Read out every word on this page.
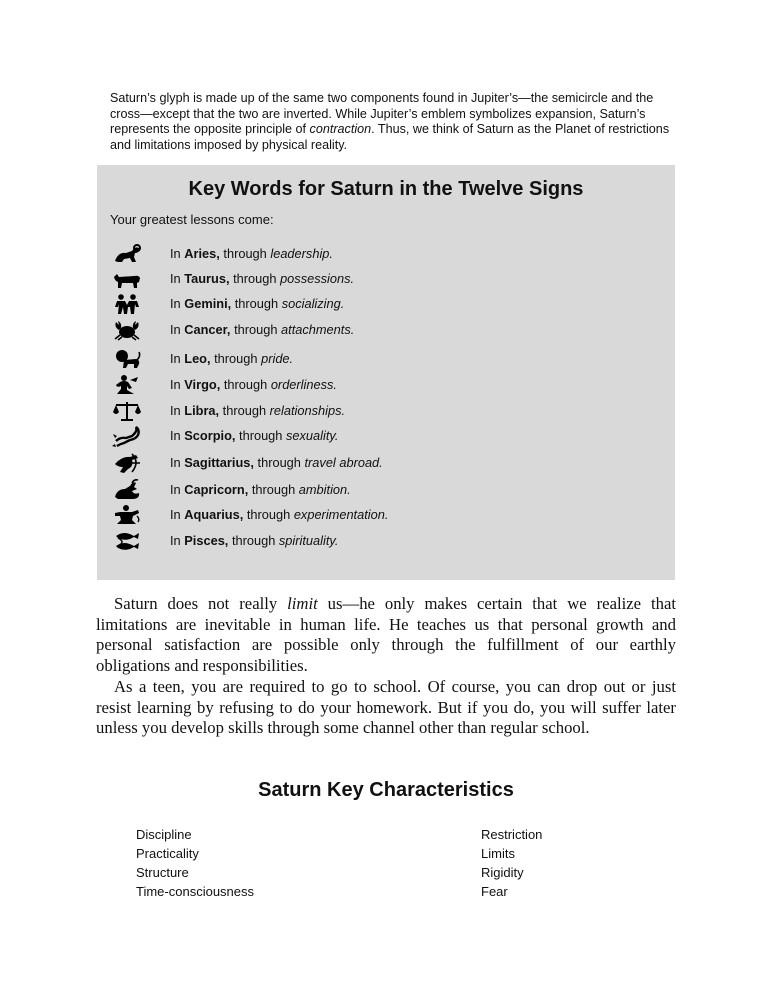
Saturn’s glyph is made up of the same two components found in Jupiter’s—the semicircle and the cross—except that the two are inverted. While Jupiter’s emblem symbolizes expansion, Saturn’s represents the opposite principle of contraction. Thus, we think of Saturn as the Planet of restrictions and limitations imposed by physical reality.

Key Words for Saturn in the Twelve Signs

Your greatest lessons come:

In Aries, through leadership.
In Taurus, through possessions.
In Gemini, through socializing.
In Cancer, through attachments.
In Leo, through pride.
In Virgo, through orderliness.
In Libra, through relationships.
In Scorpio, through sexuality.
In Sagittarius, through travel abroad.
In Capricorn, through ambition.
In Aquarius, through experimentation.
In Pisces, through spirituality.

Saturn does not really limit us—he only makes certain that we realize that limitations are inevitable in human life. He teaches us that personal growth and personal satisfaction are possible only through the fulfillment of our earthly obligations and responsibilities.

As a teen, you are required to go to school. Of course, you can drop out or just resist learning by refusing to do your homework. But if you do, you will suffer later unless you develop skills through some channel other than regular school.

Saturn Key Characteristics
Discipline
Practicality
Structure
Time-consciousness
Restriction
Limits
Rigidity
Fear
